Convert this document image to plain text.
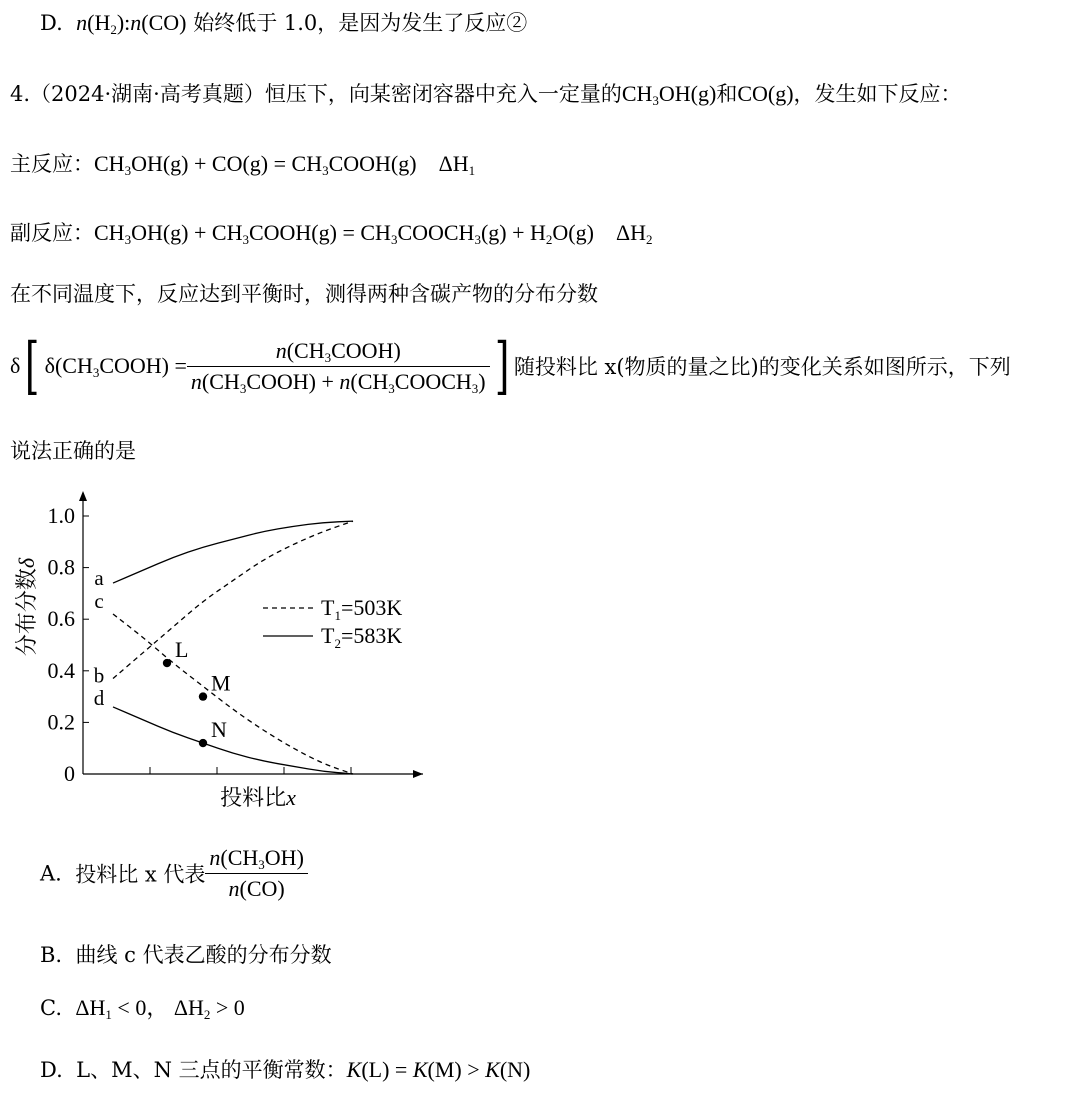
D. $n(H_2):n(CO)$ 始终低于 1.0，是因为发生了反应②
4.（2024·湖南·高考真题）恒压下，向某密闭容器中充入一定量的$CH_3OH(g)$和CO(g)，发生如下反应：
主反应：$CH_3OH(g) + CO(g)$ = $CH_3COOH(g)$ $\Delta H_1$
副反应：$CH_3OH(g)$ + $CH_3COOH(g)$ = $CH_3COOCH_3(g) + H_2O(g)$ $\Delta H_2$
在不同温度下，反应达到平衡时，测得两种含碳产物的分布分数
δ[ $\delta(CH_3COOH) = \frac{n(CH_3COOH)}{n(CH_3COOH) + n(CH_3COOCH_3)}$ ] 随投料比 x(物质的量之比)的变化关系如图所示，下列
说法正确的是
1.0
0.8
0.6
0.4
0.2
0
a
b
c
d
L
M
N
$T_1=503K$
$T_2=583K$
分布分数δ
投料比x
A. 投料比 x 代表 $\frac{n(CH_3OH)}{n(CO)}$
B. 曲线 c 代表乙酸的分布分数
C. $\Delta H_1 < 0$， $\Delta H_2 > 0$
D. L、M、N 三点的平衡常数：K(L) = K(M) > K(N)
